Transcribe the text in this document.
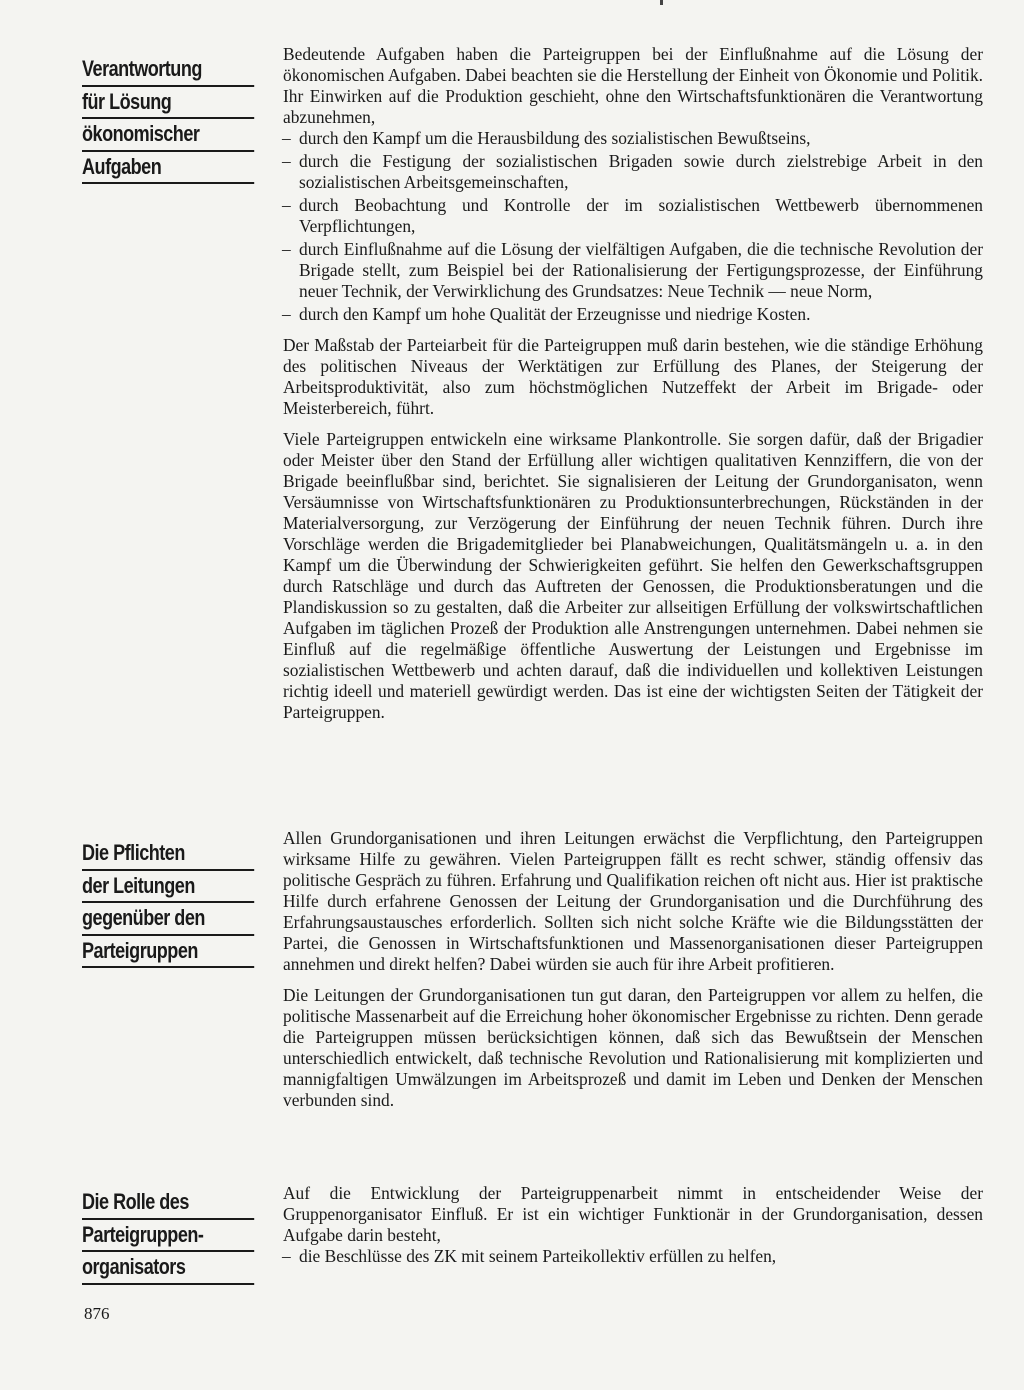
Verantwortung
für Lösung
ökonomischer
Aufgaben
Die Pflichten
der Leitungen
gegenüber den
Parteigruppen
Die Rolle des
Parteigruppen-
organisators

Bedeutende Aufgaben haben die Parteigruppen bei der Einflußnahme auf die Lösung der ökonomischen Aufgaben. Dabei beachten sie die Herstellung der Einheit von Ökonomie und Politik. Ihr Einwirken auf die Produktion geschieht, ohne den Wirtschaftsfunktionären die Verantwortung abzunehmen,

– durch den Kampf um die Herausbildung des sozialistischen Bewußtseins,

– durch die Festigung der sozialistischen Brigaden sowie durch zielstrebige Arbeit in den sozialistischen Arbeitsgemeinschaften,

– durch Beobachtung und Kontrolle der im sozialistischen Wettbewerb übernommenen Verpflichtungen,

– durch Einflußnahme auf die Lösung der vielfältigen Aufgaben, die die technische Revolution der Brigade stellt, zum Beispiel bei der Rationalisierung der Fertigungsprozesse, der Einführung neuer Technik, der Verwirklichung des Grundsatzes: Neue Technik — neue Norm,

– durch den Kampf um hohe Qualität der Erzeugnisse und niedrige Kosten.

Der Maßstab der Parteiarbeit für die Parteigruppen muß darin bestehen, wie die ständige Erhöhung des politischen Niveaus der Werktätigen zur Erfüllung des Planes, der Steigerung der Arbeitsproduktivität, also zum höchstmöglichen Nutzeffekt der Arbeit im Brigade- oder Meisterbereich, führt.

Viele Parteigruppen entwickeln eine wirksame Plankontrolle. Sie sorgen dafür, daß der Brigadier oder Meister über den Stand der Erfüllung aller wichtigen qualitativen Kennziffern, die von der Brigade beeinflußbar sind, berichtet. Sie signalisieren der Leitung der Grundorganisaton, wenn Versäumnisse von Wirtschaftsfunktionären zu Produktionsunterbrechungen, Rückständen in der Materialversorgung, zur Verzögerung der Einführung der neuen Technik führen. Durch ihre Vorschläge werden die Brigademitglieder bei Planabweichungen, Qualitätsmängeln u. a. in den Kampf um die Überwindung der Schwierigkeiten geführt. Sie helfen den Gewerkschaftsgruppen durch Ratschläge und durch das Auftreten der Genossen, die Produktionsberatungen und die Plandiskussion so zu gestalten, daß die Arbeiter zur allseitigen Erfüllung der volkswirtschaftlichen Aufgaben im täglichen Prozeß der Produktion alle Anstrengungen unternehmen. Dabei nehmen sie Einfluß auf die regelmäßige öffentliche Auswertung der Leistungen und Ergebnisse im sozialistischen Wettbewerb und achten darauf, daß die individuellen und kollektiven Leistungen richtig ideell und materiell gewürdigt werden. Das ist eine der wichtigsten Seiten der Tätigkeit der Parteigruppen.

Allen Grundorganisationen und ihren Leitungen erwächst die Verpflichtung, den Parteigruppen wirksame Hilfe zu gewähren. Vielen Parteigruppen fällt es recht schwer, ständig offensiv das politische Gespräch zu führen. Erfahrung und Qualifikation reichen oft nicht aus. Hier ist praktische Hilfe durch erfahrene Genossen der Leitung der Grundorganisation und die Durchführung des Erfahrungsaustausches erforderlich. Sollten sich nicht solche Kräfte wie die Bildungsstätten der Partei, die Genossen in Wirtschaftsfunktionen und Massenorganisationen dieser Parteigruppen annehmen und direkt helfen? Dabei würden sie auch für ihre Arbeit profitieren.

Die Leitungen der Grundorganisationen tun gut daran, den Parteigruppen vor allem zu helfen, die politische Massenarbeit auf die Erreichung hoher ökonomischer Ergebnisse zu richten. Denn gerade die Parteigruppen müssen berücksichtigen können, daß sich das Bewußtsein der Menschen unterschiedlich entwickelt, daß technische Revolution und Rationalisierung mit komplizierten und mannigfaltigen Umwälzungen im Arbeitsprozeß und damit im Leben und Denken der Menschen verbunden sind.

Auf die Entwicklung der Parteigruppenarbeit nimmt in entscheidender Weise der Gruppenorganisator Einfluß. Er ist ein wichtiger Funktionär in der Grundorganisation, dessen Aufgabe darin besteht,

– die Beschlüsse des ZK mit seinem Parteikollektiv erfüllen zu helfen,

876
